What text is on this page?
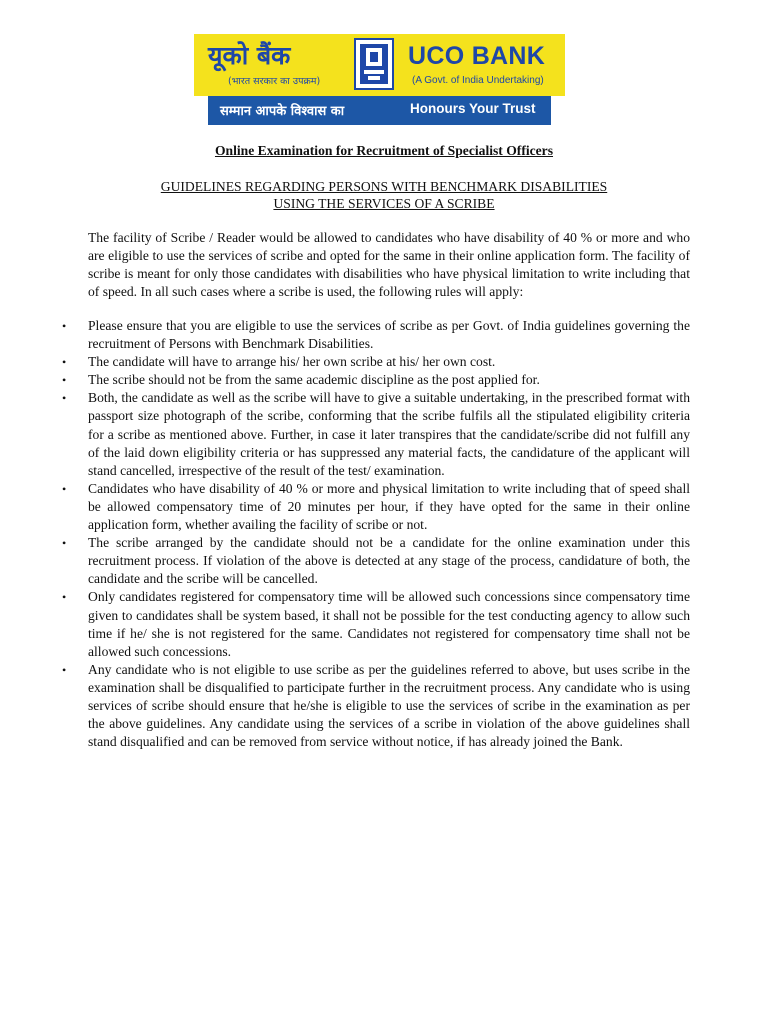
यूको बैंक
(भारत सरकार का उपक्रम)
UCO BANK
(A Govt. of India Undertaking)
सम्मान आपके विश्वास का	Honours Your Trust
Online Examination for Recruitment of Specialist Officers
GUIDELINES REGARDING PERSONS WITH BENCHMARK DISABILITIES
USING THE SERVICES OF A SCRIBE

The facility of Scribe / Reader would be allowed to candidates who have disability of 40 % or more and who are eligible to use the services of scribe and opted for the same in their online application form. The facility of scribe is meant for only those candidates with disabilities who have physical limitation to write including that of speed. In all such cases where a scribe is used, the following rules will apply:

• Please ensure that you are eligible to use the services of scribe as per Govt. of India guidelines governing the recruitment of Persons with Benchmark Disabilities.
• The candidate will have to arrange his/ her own scribe at his/ her own cost.
• The scribe should not be from the same academic discipline as the post applied for.
• Both, the candidate as well as the scribe will have to give a suitable undertaking, in the prescribed format with passport size photograph of the scribe, conforming that the scribe fulfils all the stipulated eligibility criteria for a scribe as mentioned above. Further, in case it later transpires that the candidate/scribe did not fulfill any of the laid down eligibility criteria or has suppressed any material facts, the candidature of the applicant will stand cancelled, irrespective of the result of the test/ examination.
• Candidates who have disability of 40 % or more and physical limitation to write including that of speed shall be allowed compensatory time of 20 minutes per hour, if they have opted for the same in their online application form, whether availing the facility of scribe or not.
• The scribe arranged by the candidate should not be a candidate for the online examination under this recruitment process. If violation of the above is detected at any stage of the process, candidature of both, the candidate and the scribe will be cancelled.
• Only candidates registered for compensatory time will be allowed such concessions since compensatory time given to candidates shall be system based, it shall not be possible for the test conducting agency to allow such time if he/ she is not registered for the same. Candidates not registered for compensatory time shall not be allowed such concessions.
• Any candidate who is not eligible to use scribe as per the guidelines referred to above, but uses scribe in the examination shall be disqualified to participate further in the recruitment process. Any candidate who is using services of scribe should ensure that he/she is eligible to use the services of scribe in the examination as per the above guidelines. Any candidate using the services of a scribe in violation of the above guidelines shall stand disqualified and can be removed from service without notice, if has already joined the Bank.
